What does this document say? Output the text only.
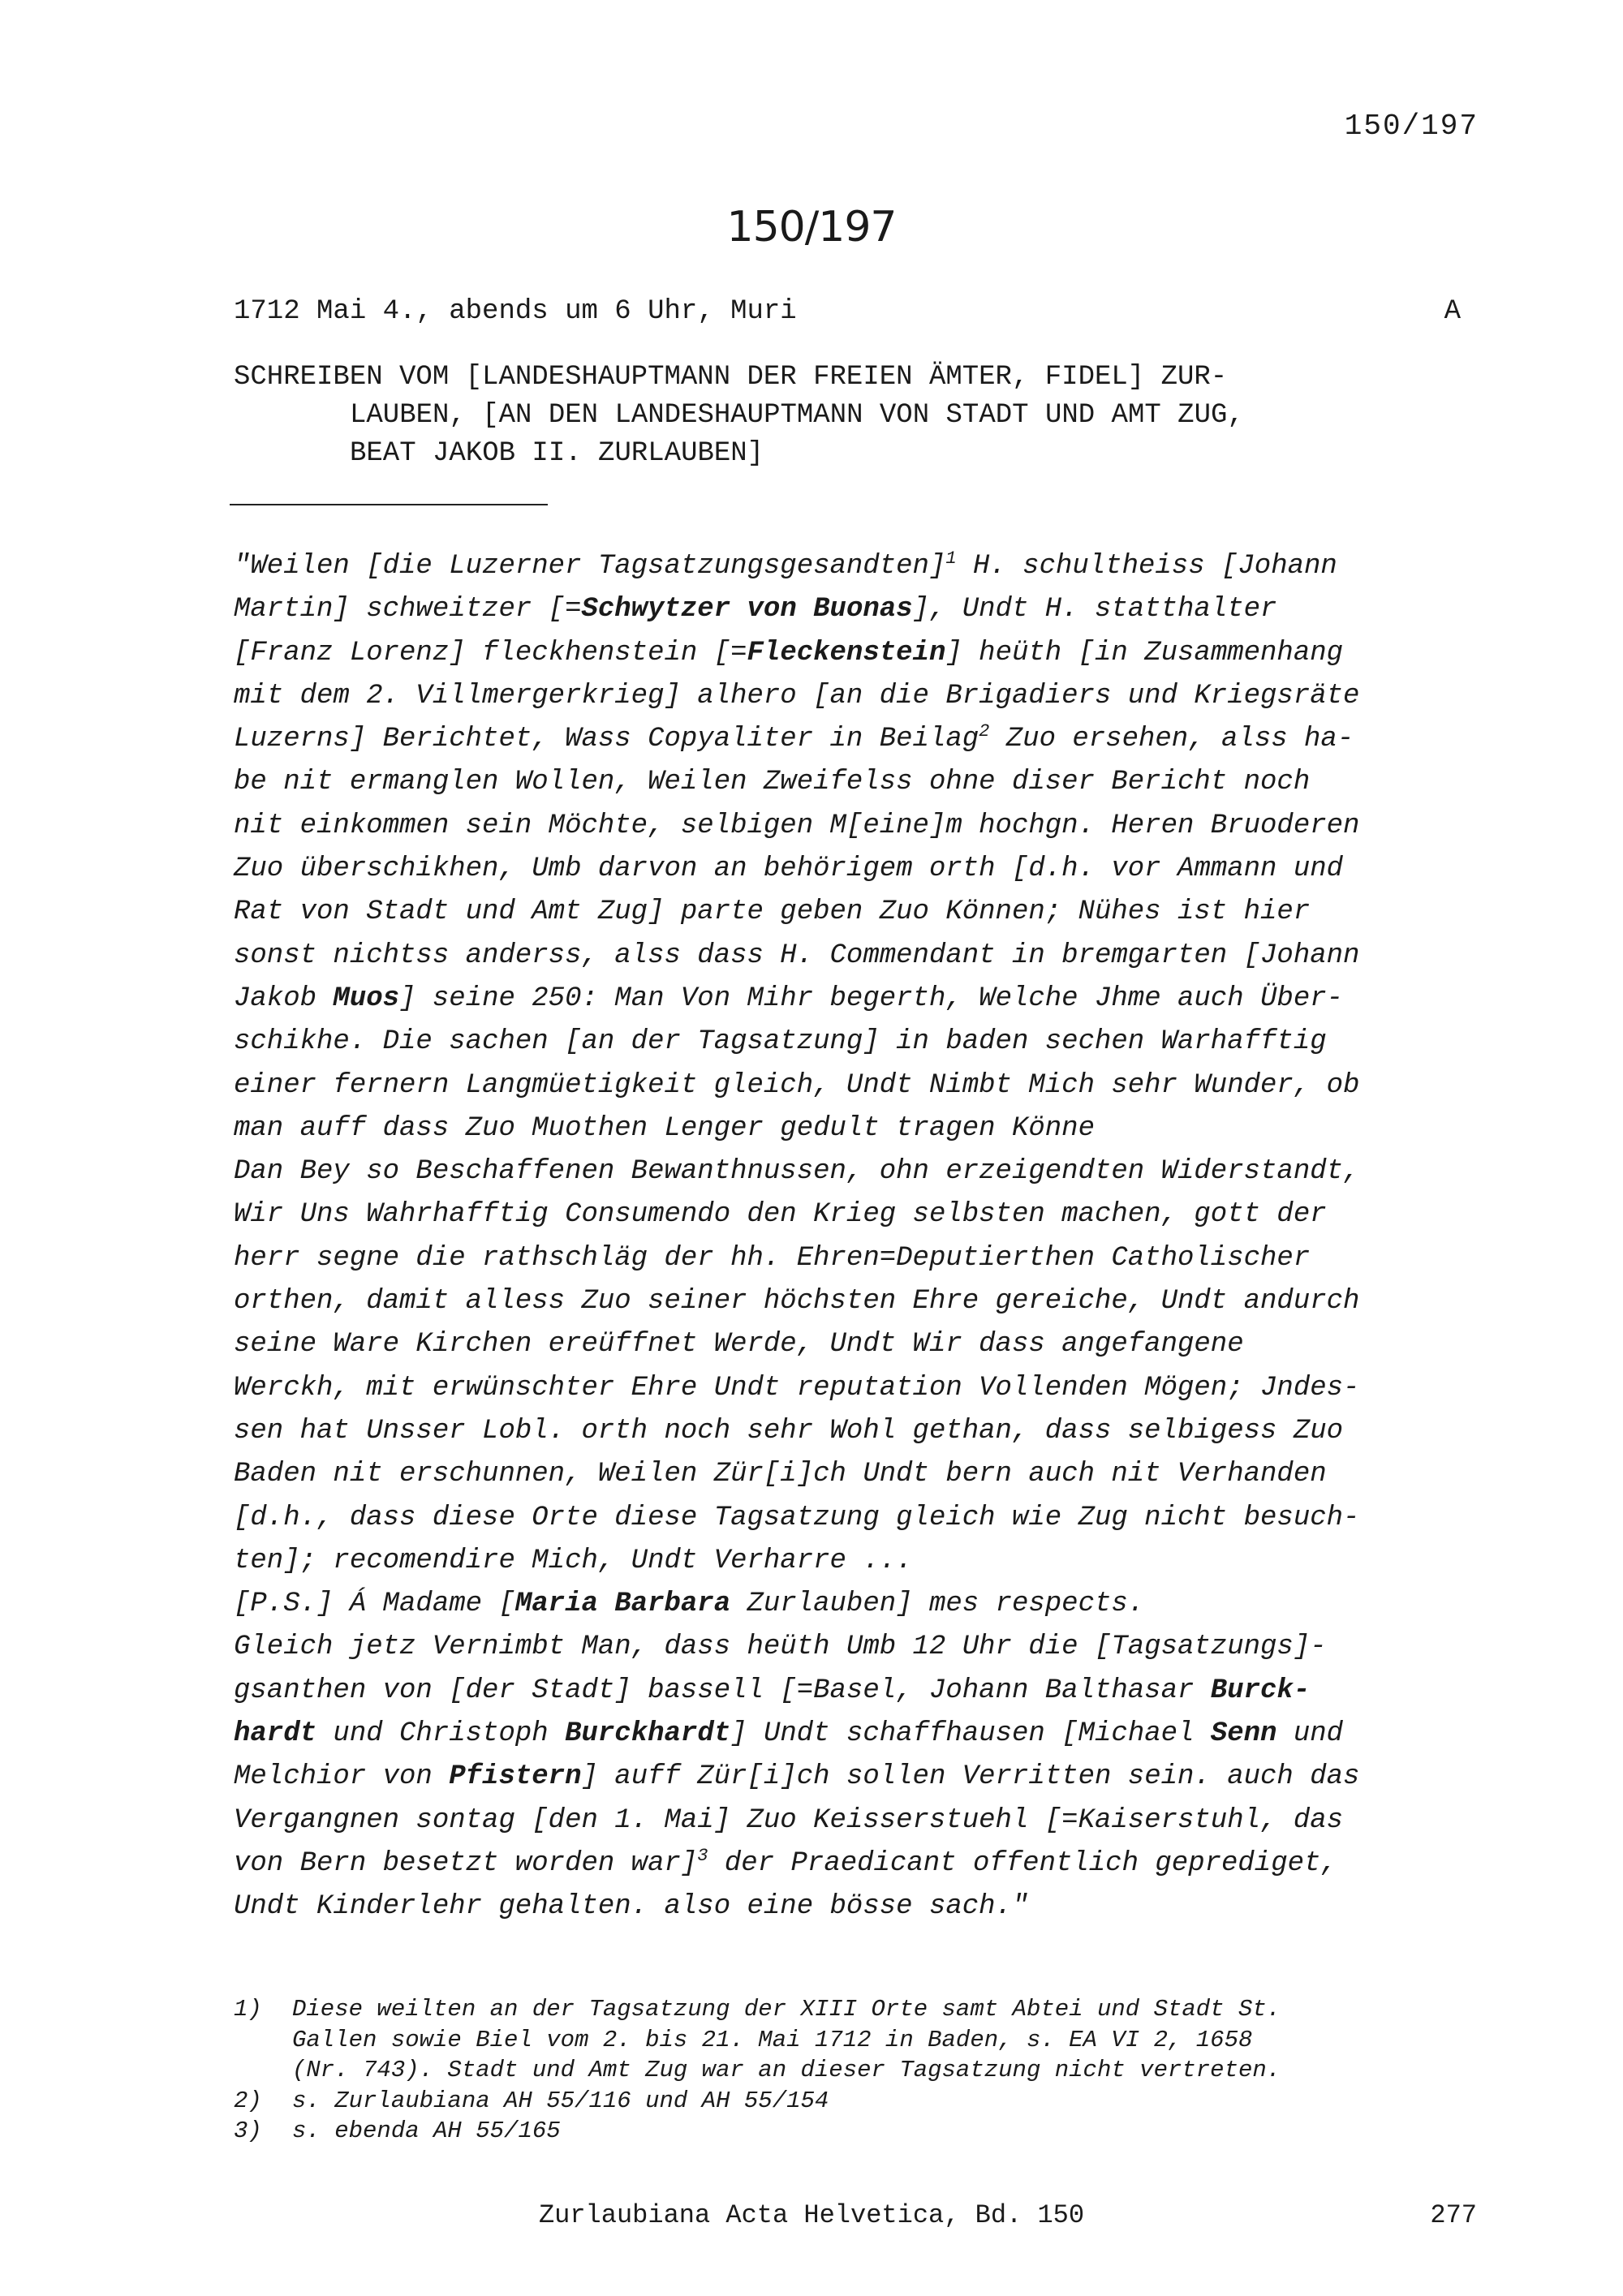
150/197
150/197
1712 Mai 4., abends um 6 Uhr, Muri	A
SCHREIBEN VOM [LANDESHAUPTMANN DER FREIEN ÄMTER, FIDEL] ZUR-
LAUBEN, [AN DEN LANDESHAUPTMANN VON STADT UND AMT ZUG,
BEAT JAKOB II. ZURLAUBEN]
"Weilen [die Luzerner Tagsatzungsgesandten]$^1$ H. schultheiss [Johann
Martin] schweitzer [=Schwytzer von Buonas], Undt H. statthalter
[Franz Lorenz] fleckhenstein [=Fleckenstein] heüth [in Zusammenhang
mit dem 2. Villmergerkrieg] alhero [an die Brigadiers und Kriegsräte
Luzerns] Berichtet, Wass Copyaliter in Beilag$^2$ Zuo ersehen, alss ha-
be nit ermanglen Wollen, Weilen Zweifelss ohne diser Bericht noch
nit einkommen sein Möchte, selbigen M[eine]m hochgn. Heren Bruoderen
Zuo überschikhen, Umb darvon an behörigem orth [d.h. vor Ammann und
Rat von Stadt und Amt Zug] parte geben Zuo Können; Nühes ist hier
sonst nichtss anderss, alss dass H. Commendant in bremgarten [Johann
Jakob Muos] seine 250: Man Von Mihr begerth, Welche Jhme auch Über-
schikhe. Die sachen [an der Tagsatzung] in baden sechen Warhafftig
einer fernern Langmüetigkeit gleich, Undt Nimbt Mich sehr Wunder, ob
man auff dass Zuo Muothen Lenger gedult tragen Könne
Dan Bey so Beschaffenen Bewanthnussen, ohn erzeigendten Widerstandt,
Wir Uns Wahrhafftig Consumendo den Krieg selbsten machen, gott der
herr segne die rathschläg der hh. Ehren=Deputierthen Catholischer
orthen, damit alless Zuo seiner höchsten Ehre gereiche, Undt andurch
seine Ware Kirchen ereüffnet Werde, Undt Wir dass angefangene
Werckh, mit erwünschter Ehre Undt reputation Vollenden Mögen; Jndes-
sen hat Unsser Lobl. orth noch sehr Wohl gethan, dass selbigess Zuo
Baden nit erschunnen, Weilen Zür[i]ch Undt bern auch nit Verhanden
[d.h., dass diese Orte diese Tagsatzung gleich wie Zug nicht besuch-
ten]; recomendire Mich, Undt Verharre ...
[P.S.] Á Madame [Maria Barbara Zurlauben] mes respects.
Gleich jetz Vernimbt Man, dass heüth Umb 12 Uhr die [Tagsatzungs]-
gsanthen von [der Stadt] bassell [=Basel, Johann Balthasar Burck-
hardt und Christoph Burckhardt] Undt schaffhausen [Michael Senn und
Melchior von Pfistern] auff Zür[i]ch sollen Verritten sein. auch das
Vergangnen sontag [den 1. Mai] Zuo Keisserstuehl [=Kaiserstuhl, das
von Bern besetzt worden war]$^3$ der Praedicant offentlich geprediget,
Undt Kinderlehr gehalten. also eine bösse sach."
1)	Diese weilten an der Tagsatzung der XIII Orte samt Abtei und Stadt St.
Gallen sowie Biel vom 2. bis 21. Mai 1712 in Baden, s. EA VI 2, 1658
(Nr. 743). Stadt und Amt Zug war an dieser Tagsatzung nicht vertreten.
2)	s. Zurlaubiana AH 55/116 und AH 55/154
3)	s. ebenda AH 55/165
Zurlaubiana Acta Helvetica, Bd. 150	277
